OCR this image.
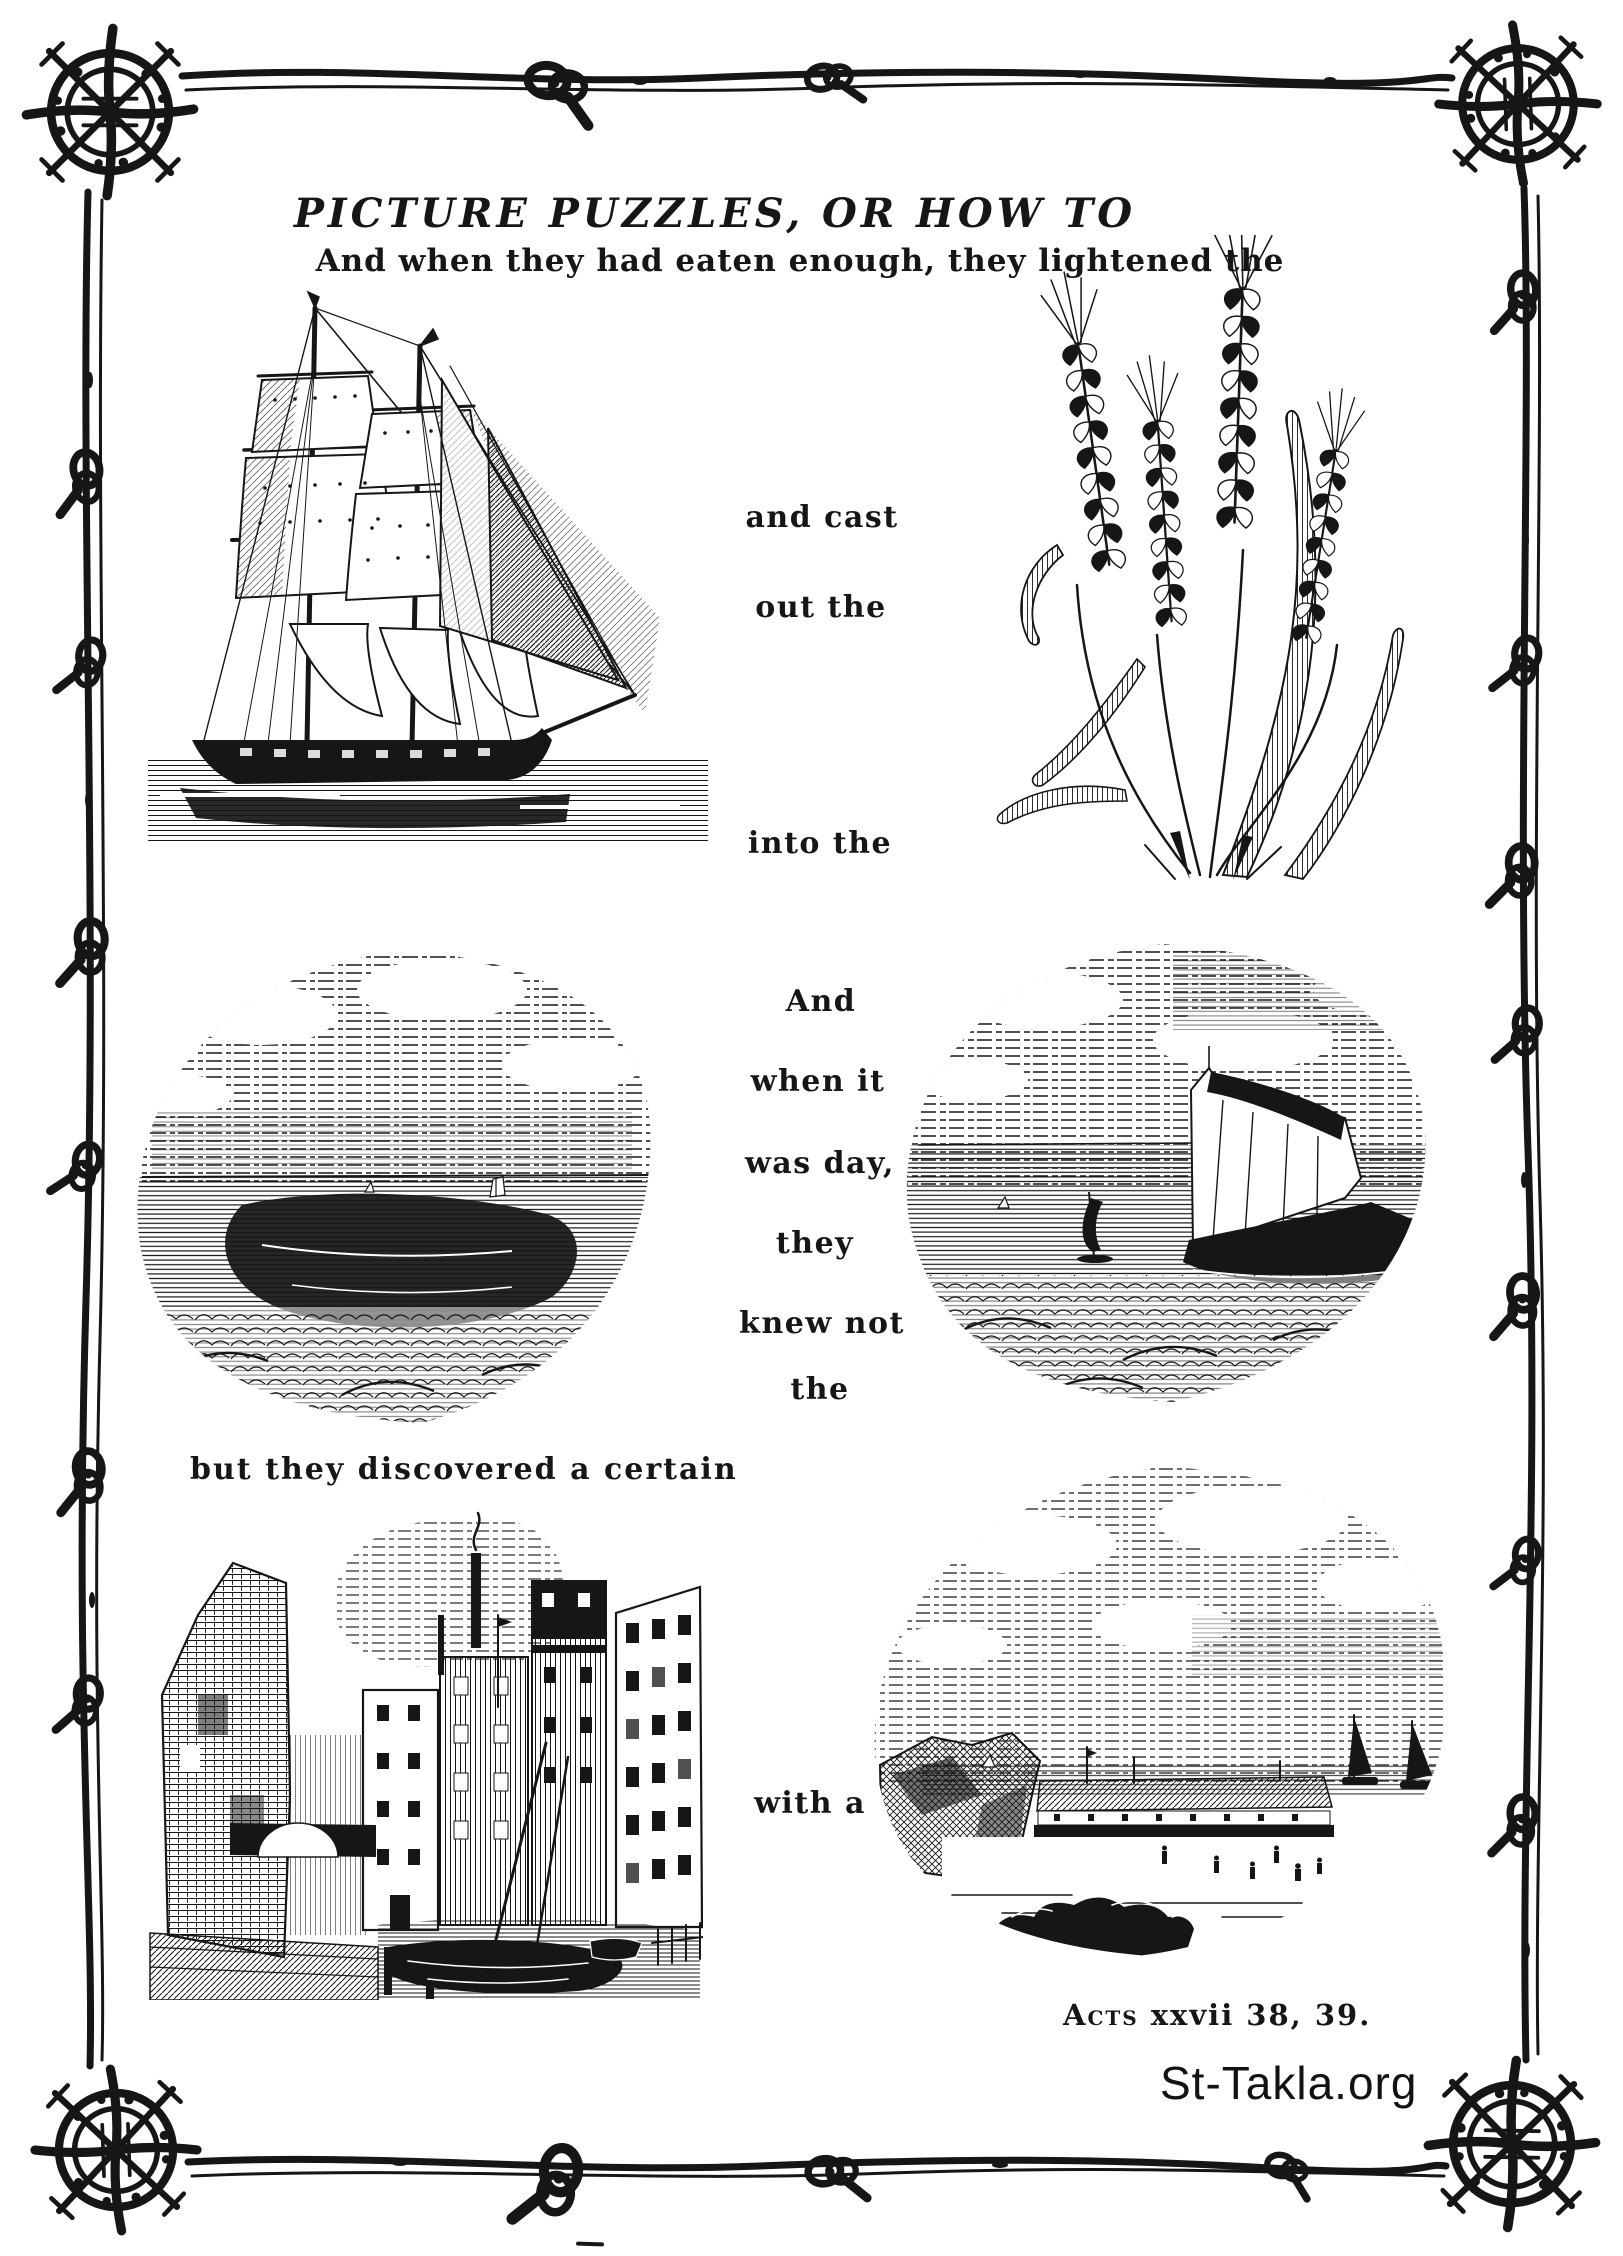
PICTURE PUZZLES, OR HOW TO
And when they had eaten enough, they lightened the
and cast
out the
into the
And
when it
was day,
they
knew not
the
but they discovered a certain
with a
Acts xxvii 38, 39.
St-Takla.org
